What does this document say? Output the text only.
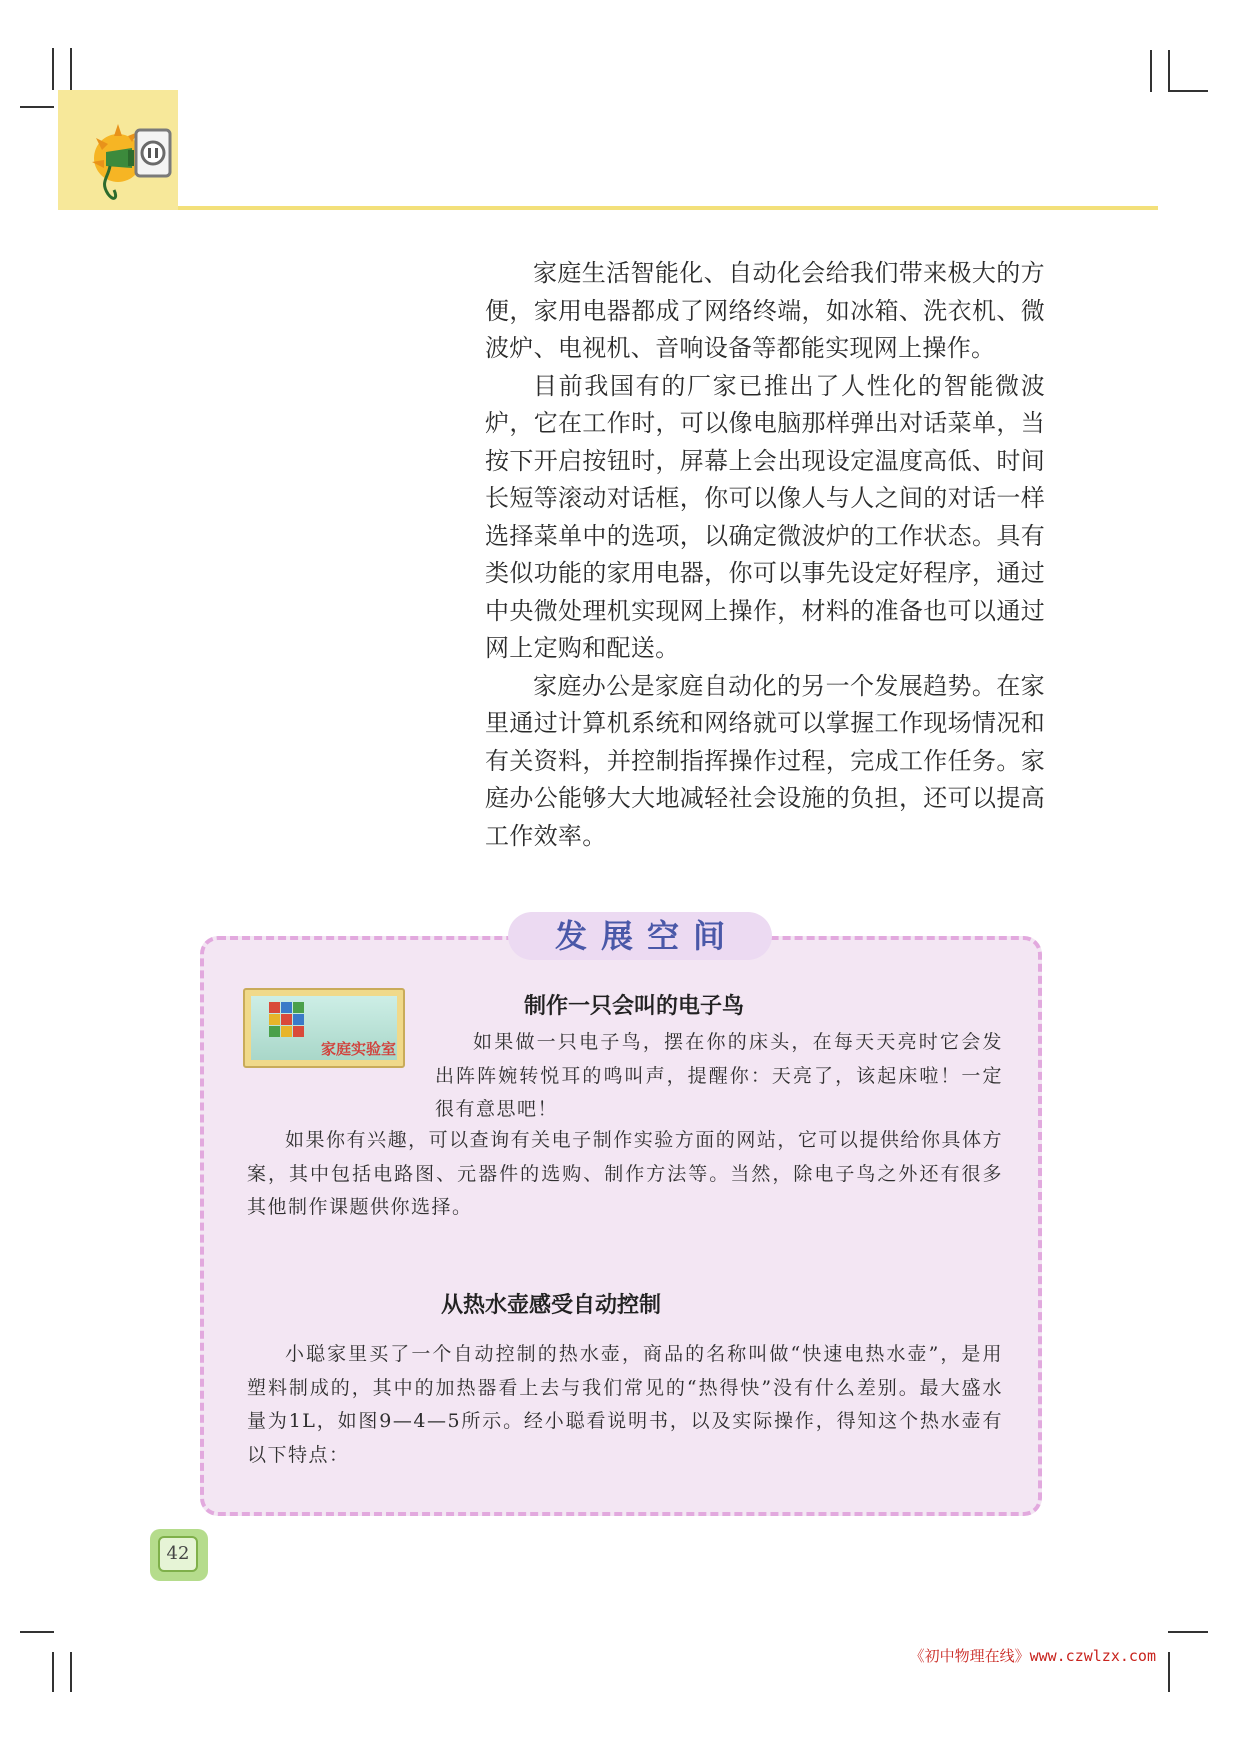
家庭生活智能化、自动化会给我们带来极大的方便，家用电器都成了网络终端，如冰箱、洗衣机、微波炉、电视机、音响设备等都能实现网上操作。

目前我国有的厂家已推出了人性化的智能微波炉，它在工作时，可以像电脑那样弹出对话菜单，当按下开启按钮时，屏幕上会出现设定温度高低、时间长短等滚动对话框，你可以像人与人之间的对话一样选择菜单中的选项，以确定微波炉的工作状态。具有类似功能的家用电器，你可以事先设定好程序，通过中央微处理机实现网上操作，材料的准备也可以通过网上定购和配送。

家庭办公是家庭自动化的另一个发展趋势。在家里通过计算机系统和网络就可以掌握工作现场情况和有关资料，并控制指挥操作过程，完成工作任务。家庭办公能够大大地减轻社会设施的负担，还可以提高工作效率。

发展空间
家庭实验室
制作一只会叫的电子鸟

如果做一只电子鸟，摆在你的床头，在每天天亮时它会发出阵阵婉转悦耳的鸣叫声，提醒你：天亮了，该起床啦！一定很有意思吧！

如果你有兴趣，可以查询有关电子制作实验方面的网站，它可以提供给你具体方案，其中包括电路图、元器件的选购、制作方法等。当然，除电子鸟之外还有很多其他制作课题供你选择。

从热水壶感受自动控制

小聪家里买了一个自动控制的热水壶，商品的名称叫做“快速电热水壶”，是用塑料制成的，其中的加热器看上去与我们常见的“热得快”没有什么差别。最大盛水量为1L，如图9—4—5所示。经小聪看说明书，以及实际操作，得知这个热水壶有以下特点：

42
《初中物理在线》www.czwlzx.com
